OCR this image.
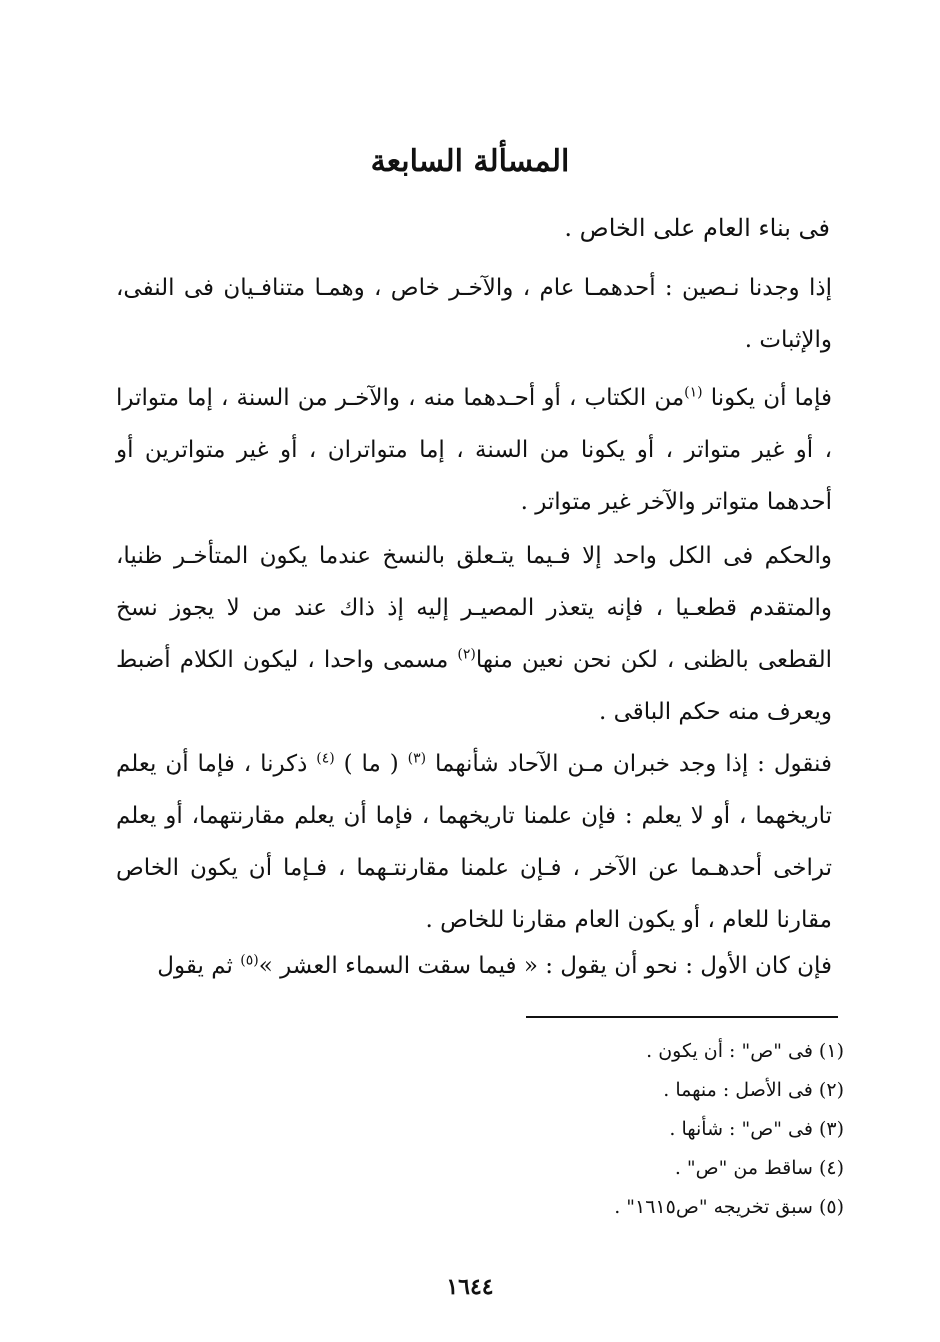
المسألة السابعة
فى بناء العام على الخاص .

إذا وجدنا نـصين : أحدهمـا عام ، والآخـر خاص ، وهمـا متنافـيان فى النفى، والإثبات .

فإما أن يكونا $^{(١)}$من الكتاب ، أو أحـدهما منه ، والآخـر من السنة ، إما متواترا ، أو غير متواتر ، أو يكونا من السنة ، إما متواتران ، أو غير متواترين أو أحدهما متواتر والآخر غير متواتر .

والحكم فى الكل واحد إلا فـيما يتـعلق بالنسخ عندما يكون المتأخـر ظنيا، والمتقدم قطعـيا ، فإنه يتعذر المصيـر إليه إذ ذاك عند من لا يجوز نسخ القطعى بالظنى ، لكن نحن نعين منها$^{(٢)}$ مسمى واحدا ، ليكون الكلام أضبط ويعرف منه حكم الباقى .

فنقول : إذا وجد خبران مـن الآحاد شأنهما $^{(٣)}$ ( ما ) $^{(٤)}$ ذكرنا ، فإما أن يعلم تاريخهما ، أو لا يعلم : فإن علمنا تاريخهما ، فإما أن يعلم مقارنتهما، أو يعلم تراخى أحدهـما عن الآخر ، فـإن علمنا مقارنتـهما ، فـإما أن يكون الخاص مقارنا للعام ، أو يكون العام مقارنا للخاص .

فإن كان الأول : نحو أن يقول : « فيما سقت السماء العشر »$^{(٥)}$ ثم يقول

(١) فى "ص" : أن يكون .
(٢) فى الأصل : منهما .
(٣) فى "ص" : شأنها .
(٤) ساقط من "ص" .
(٥) سبق تخريجه "ص١٦١٥" .
١٦٤٤
